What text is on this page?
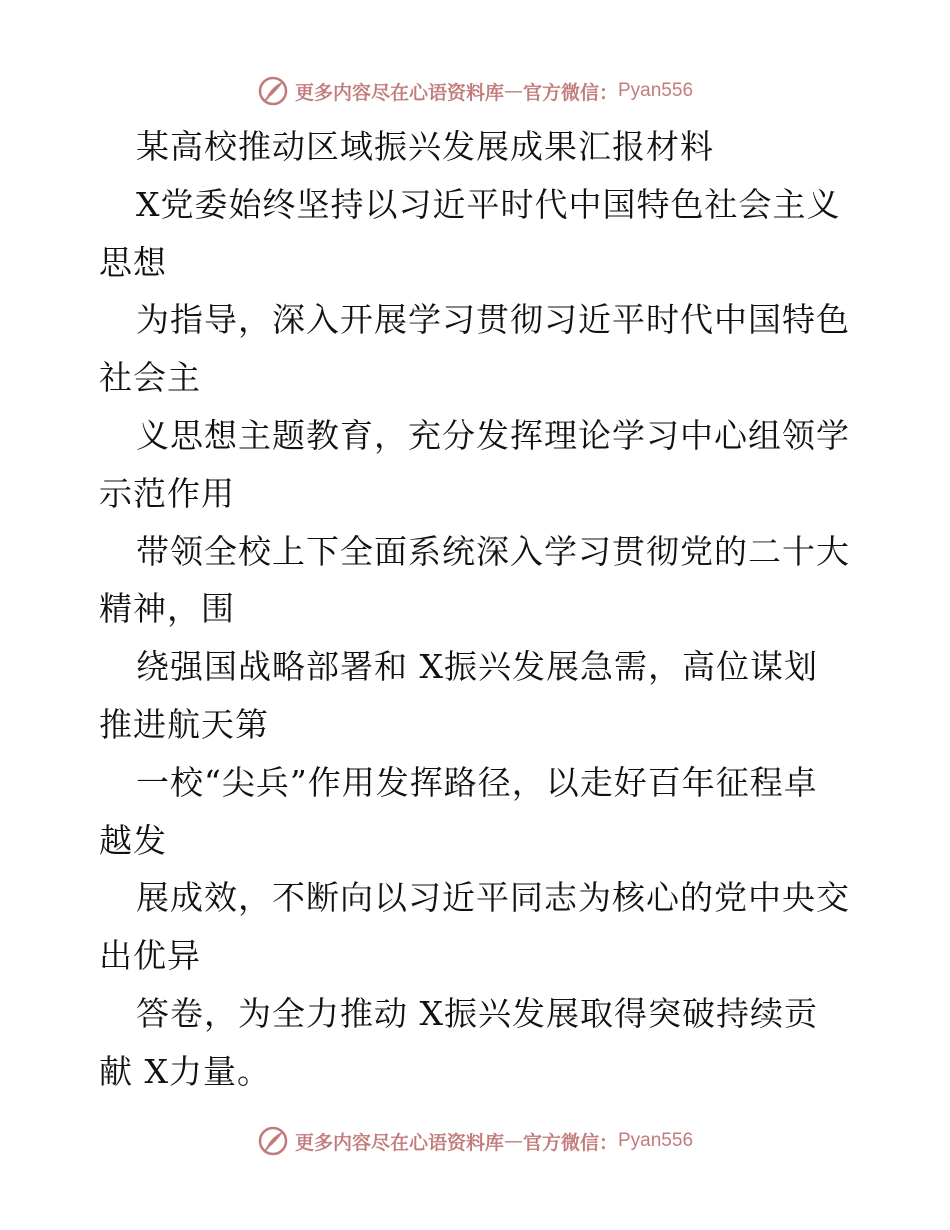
更多内容尽在心语资料库 — 官方微信： Pyan556
某高校推动区域振兴发展成果汇报材料
X党委始终坚持以习近平时代中国特色社会主义
思想
为指导，深入开展学习贯彻习近平时代中国特色
社会主
义思想主题教育，充分发挥理论学习中心组领学
示范作用
带领全校上下全面系统深入学习贯彻党的二十大
精神，围
绕强国战略部署和 X振兴发展急需，高位谋划
推进航天第
一校“尖兵”作用发挥路径，以走好百年征程卓
越发
展成效，不断向以习近平同志为核心的党中央交
出优异
答卷，为全力推动 X振兴发展取得突破持续贡
献 X力量。
更多内容尽在心语资料库 — 官方微信： Pyan556
